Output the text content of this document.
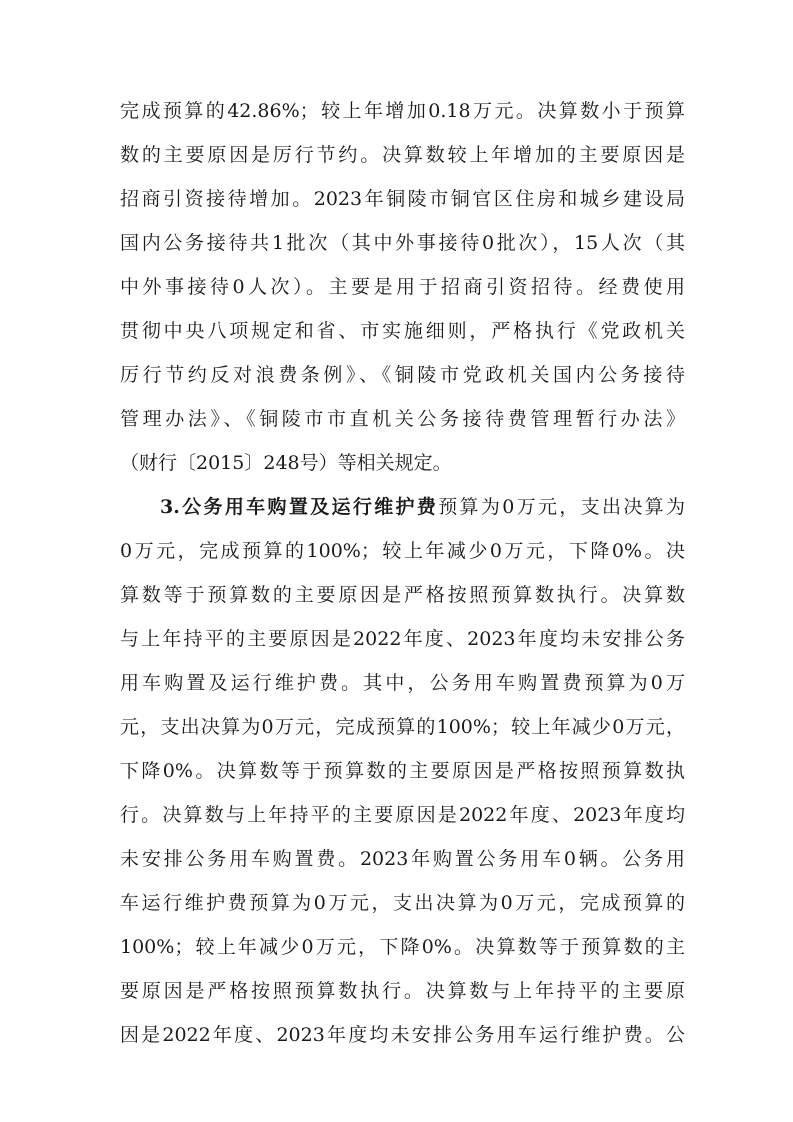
完成预算的42.86%；较上年增加0.18万元。决算数小于预算
数的主要原因是厉行节约。决算数较上年增加的主要原因是
招商引资接待增加。2023年铜陵市铜官区住房和城乡建设局
国内公务接待共1批次（其中外事接待0批次），15人次（其
中外事接待0人次）。主要是用于招商引资招待。经费使用
贯彻中央八项规定和省、市实施细则，严格执行《党政机关
厉行节约反对浪费条例》、《铜陵市党政机关国内公务接待
管理办法》、《铜陵市市直机关公务接待费管理暂行办法》
（财行〔2015〕248号）等相关规定。
3.公务用车购置及运行维护费预算为0万元，支出决算为
0万元，完成预算的100%；较上年减少0万元，下降0%。决
算数等于预算数的主要原因是严格按照预算数执行。决算数
与上年持平的主要原因是2022年度、2023年度均未安排公务
用车购置及运行维护费。其中，公务用车购置费预算为0万
元，支出决算为0万元，完成预算的100%；较上年减少0万元，
下降0%。决算数等于预算数的主要原因是严格按照预算数执
行。决算数与上年持平的主要原因是2022年度、2023年度均
未安排公务用车购置费。2023年购置公务用车0辆。公务用
车运行维护费预算为0万元，支出决算为0万元，完成预算的
100%；较上年减少0万元，下降0%。决算数等于预算数的主
要原因是严格按照预算数执行。决算数与上年持平的主要原
因是2022年度、2023年度均未安排公务用车运行维护费。公
